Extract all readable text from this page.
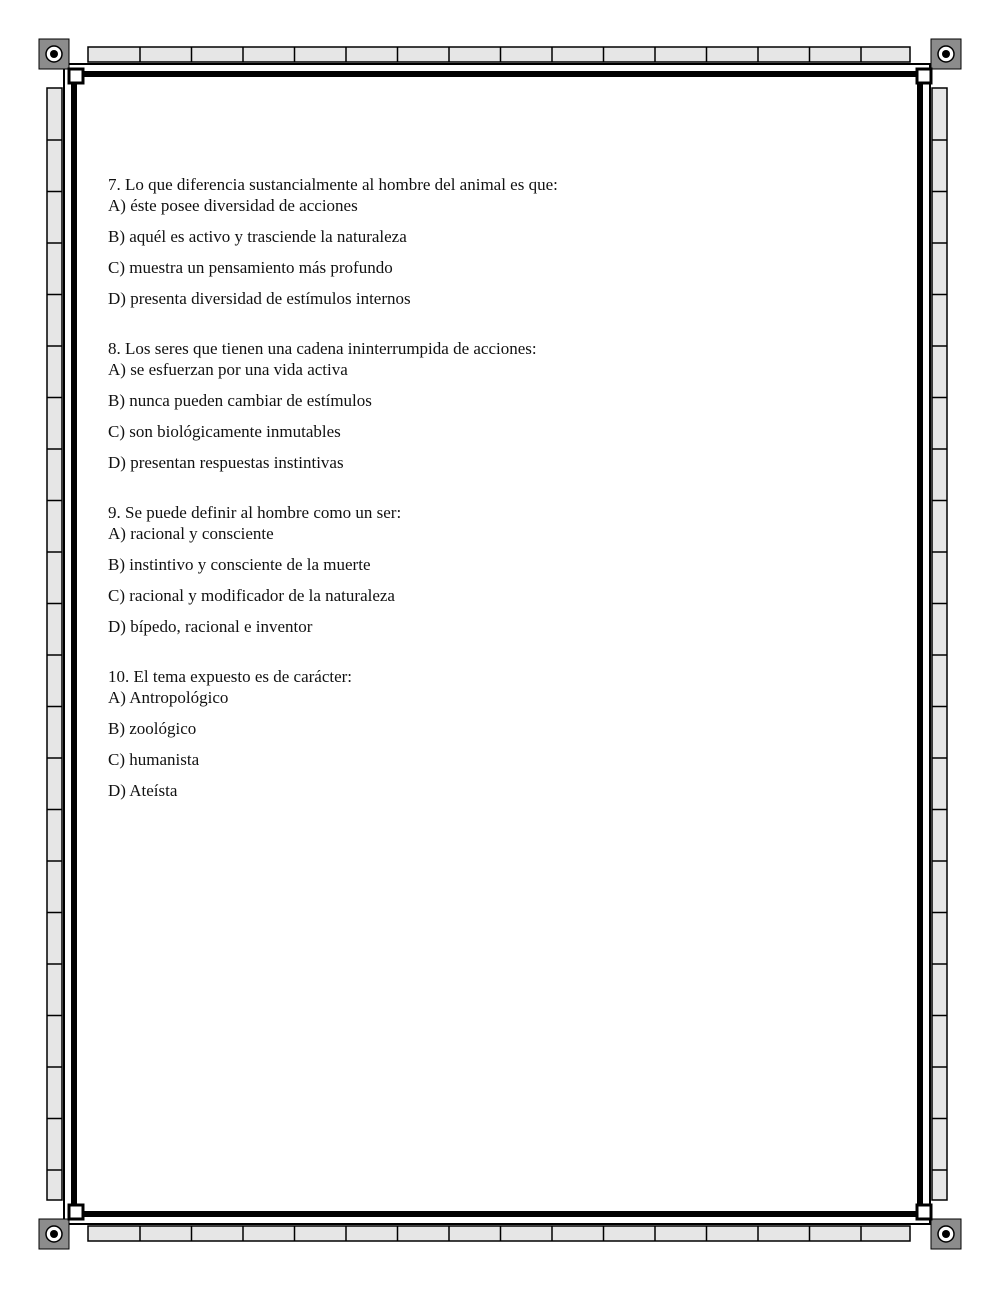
7. Lo que diferencia sustancialmente al hombre del animal es que:
A) éste posee diversidad de acciones
B) aquél es activo y trasciende la naturaleza
C) muestra un pensamiento más profundo
D) presenta diversidad de estímulos internos
8. Los seres que tienen una cadena ininterrumpida de acciones:
A) se esfuerzan por una vida activa
B) nunca pueden cambiar de estímulos
C) son biológicamente inmutables
D) presentan respuestas instintivas
9. Se puede definir al hombre como un ser:
A) racional y consciente
B) instintivo y consciente de la muerte
C) racional y modificador de la naturaleza
D) bípedo, racional e inventor
10. El tema expuesto es de carácter:
A) Antropológico
B) zoológico
C) humanista
D) Ateísta
